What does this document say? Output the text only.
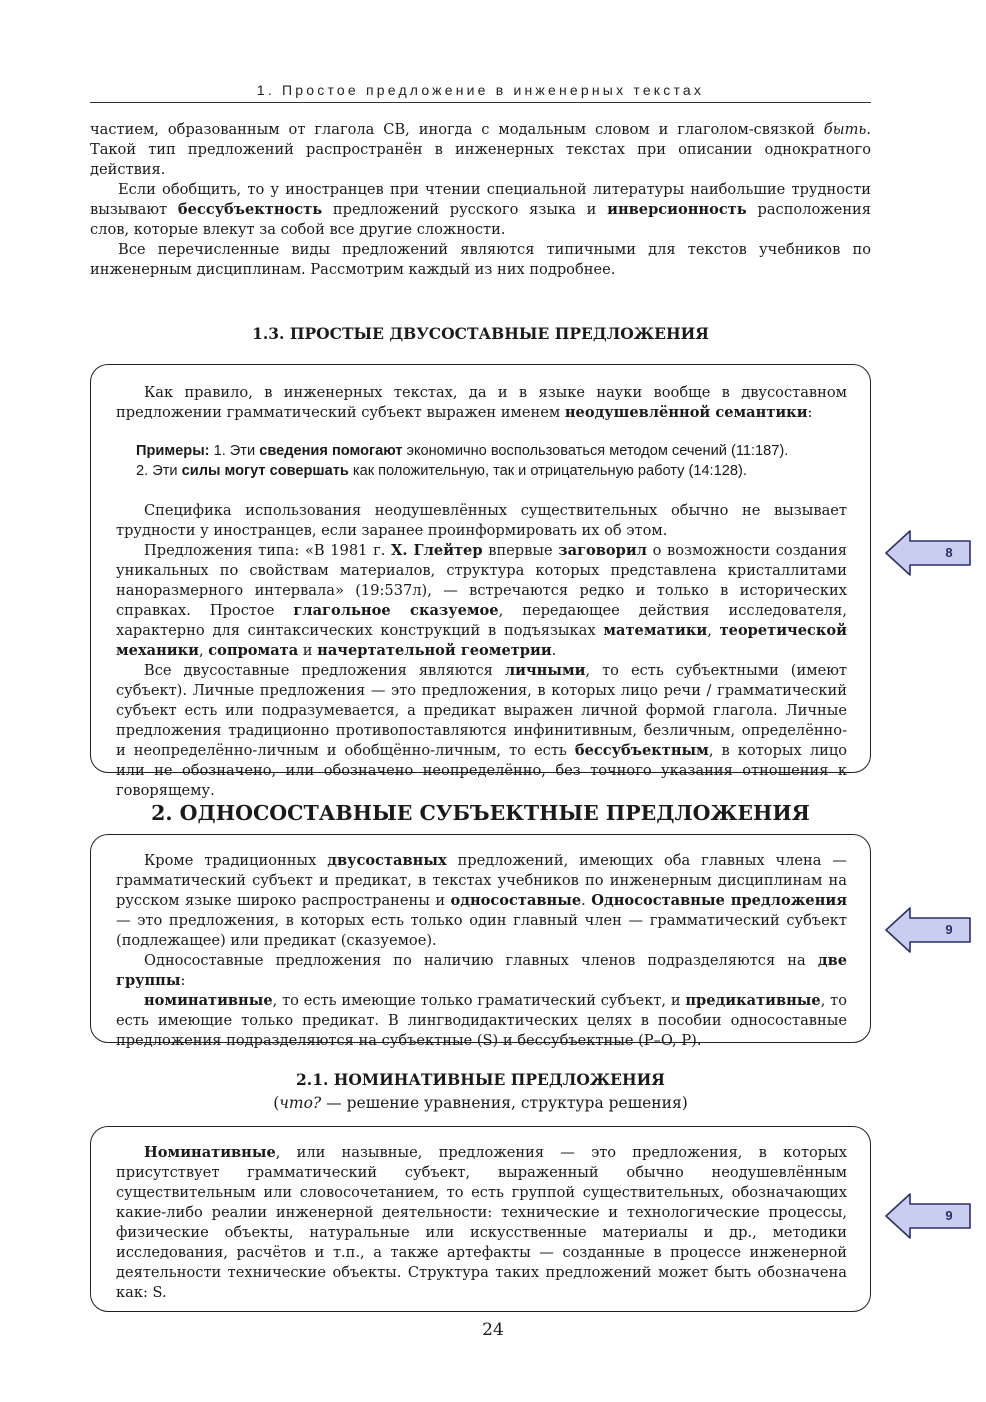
1. Простое предложение в инженерных текстах

частием, образованным от глагола СВ, иногда с модальным словом и глаголом-связкой быть. Такой тип предложений распространён в инженерных текстах при описании однократного действия.

Если обобщить, то у иностранцев при чтении специальной литературы наибольшие трудности вызывают бессубъектность предложений русского языка и инверсионность расположения слов, которые влекут за собой все другие сложности.

Все перечисленные виды предложений являются типичными для текстов учебников по инженерным дисциплинам. Рассмотрим каждый из них подробнее.

1.3. ПРОСТЫЕ ДВУСОСТАВНЫЕ ПРЕДЛОЖЕНИЯ

Как правило, в инженерных текстах, да и в языке науки вообще в двусоставном предложении грамматический субъект выражен именем неодушевлённой семантики:

Примеры: 1. Эти сведения помогают экономично воспользоваться методом сечений (11:187).

2. Эти силы могут совершать как положительную, так и отрицательную работу (14:128).

Специфика использования неодушевлённых существительных обычно не вызывает трудности у иностранцев, если заранее проинформировать их об этом.

Предложения типа: «В 1981 г. Х. Глейтер впервые заговорил о возможности создания уникальных по свойствам материалов, структура которых представлена кристаллитами наноразмерного интервала» (19:537л), — встречаются редко и только в исторических справках. Простое глагольное сказуемое, передающее действия исследователя, характерно для синтаксических конструкций в подъязыках математики, теоретической механики, сопромата и начертательной геометрии.

Все двусоставные предложения являются личными, то есть субъектными (имеют субъект). Личные предложения — это предложения, в которых лицо речи / грамматический субъект есть или подразумевается, а предикат выражен личной формой глагола. Личные предложения традиционно противопоставляются инфинитивным, безличным, определённо- и неопределённо-личным и обобщённо-личным, то есть бессубъектным, в которых лицо или не обозначено, или обозначено неопределённо, без точного указания отношения к говорящему.

8
2. ОДНОСОСТАВНЫЕ СУБЪЕКТНЫЕ ПРЕДЛОЖЕНИЯ

Кроме традиционных двусоставных предложений, имеющих оба главных члена — грамматический субъект и предикат, в текстах учебников по инженерным дисциплинам на русском языке широко распространены и односоставные. Односоставные предложения — это предложения, в которых есть только один главный член — грамматический субъект (подлежащее) или предикат (сказуемое).

Односоставные предложения по наличию главных членов подразделяются на две группы:

номинативные, то есть имеющие только граматический субъект, и предикативные, то есть имеющие только предикат. В лингводидактических целях в пособии односоставные предложения подразделяются на субъектные (S) и бессубъектные (P–O, P).

9
2.1. НОМИНАТИВНЫЕ ПРЕДЛОЖЕНИЯ
(что? — решение уравнения, структура решения)

Номинативные, или назывные, предложения — это предложения, в которых присутствует грамматический субъект, выраженный обычно неодушевлённым существительным или словосочетанием, то есть группой существительных, обозначающих какие-либо реалии инженерной деятельности: технические и технологические процессы, физические объекты, натуральные или искусственные материалы и др., методики исследования, расчётов и т.п., а также артефакты — созданные в процессе инженерной деятельности технические объекты. Структура таких предложений может быть обозначена как: S.

9
24
